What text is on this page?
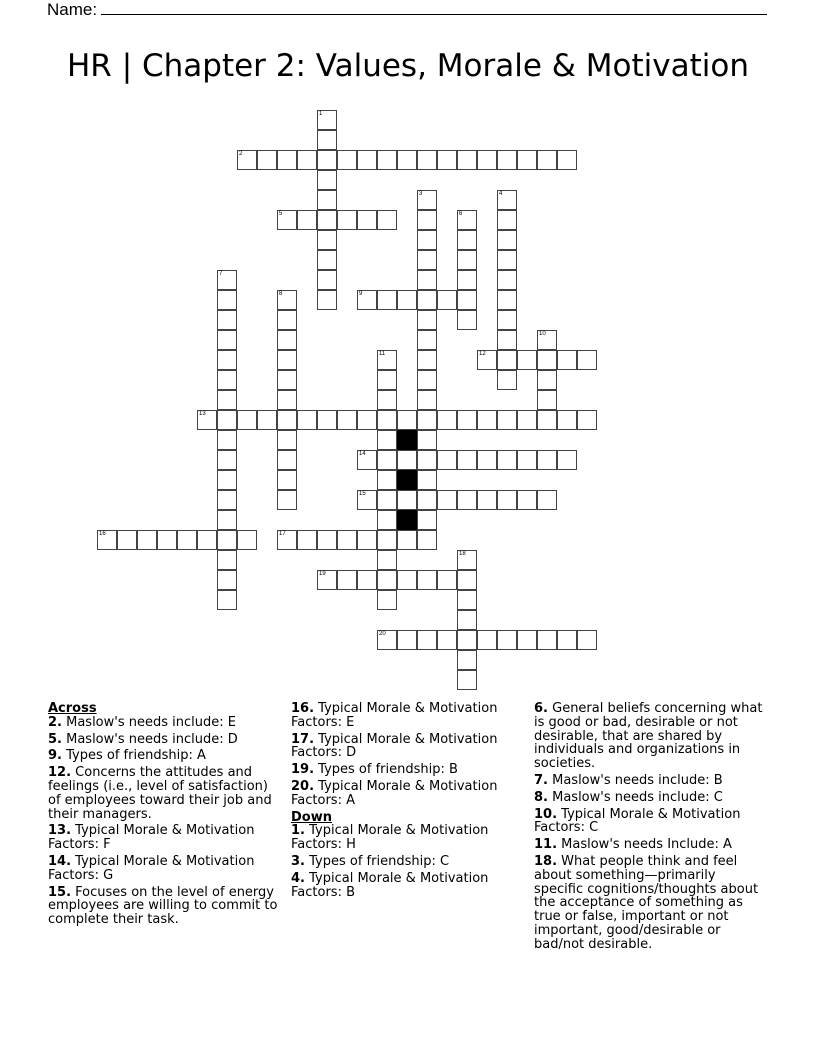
Name:
HR | Chapter 2: Values, Morale & Motivation
1
2
3	4
5	6
7
8	9
10
11	12
13
14
15
16	17
18
19
20
Across
2. Maslow's needs include: E
5. Maslow's needs include: D
9. Types of friendship: A
12. Concerns the attitudes and feelings (i.e., level of satisfaction) of employees toward their job and their managers.
13. Typical Morale & Motivation Factors: F
14. Typical Morale & Motivation Factors: G
15. Focuses on the level of energy employees are willing to commit to complete their task.
16. Typical Morale & Motivation Factors: E
17. Typical Morale & Motivation Factors: D
19. Types of friendship: B
20. Typical Morale & Motivation Factors: A
Down
1. Typical Morale & Motivation Factors: H
3. Types of friendship: C
4. Typical Morale & Motivation Factors: B
6. General beliefs concerning what is good or bad, desirable or not desirable, that are shared by individuals and organizations in societies.
7. Maslow's needs include: B
8. Maslow's needs include: C
10. Typical Morale & Motivation Factors: C
11. Maslow's needs Include: A
18. What people think and feel about something—primarily specific cognitions/thoughts about the acceptance of something as true or false, important or not important, good/desirable or bad/not desirable.
